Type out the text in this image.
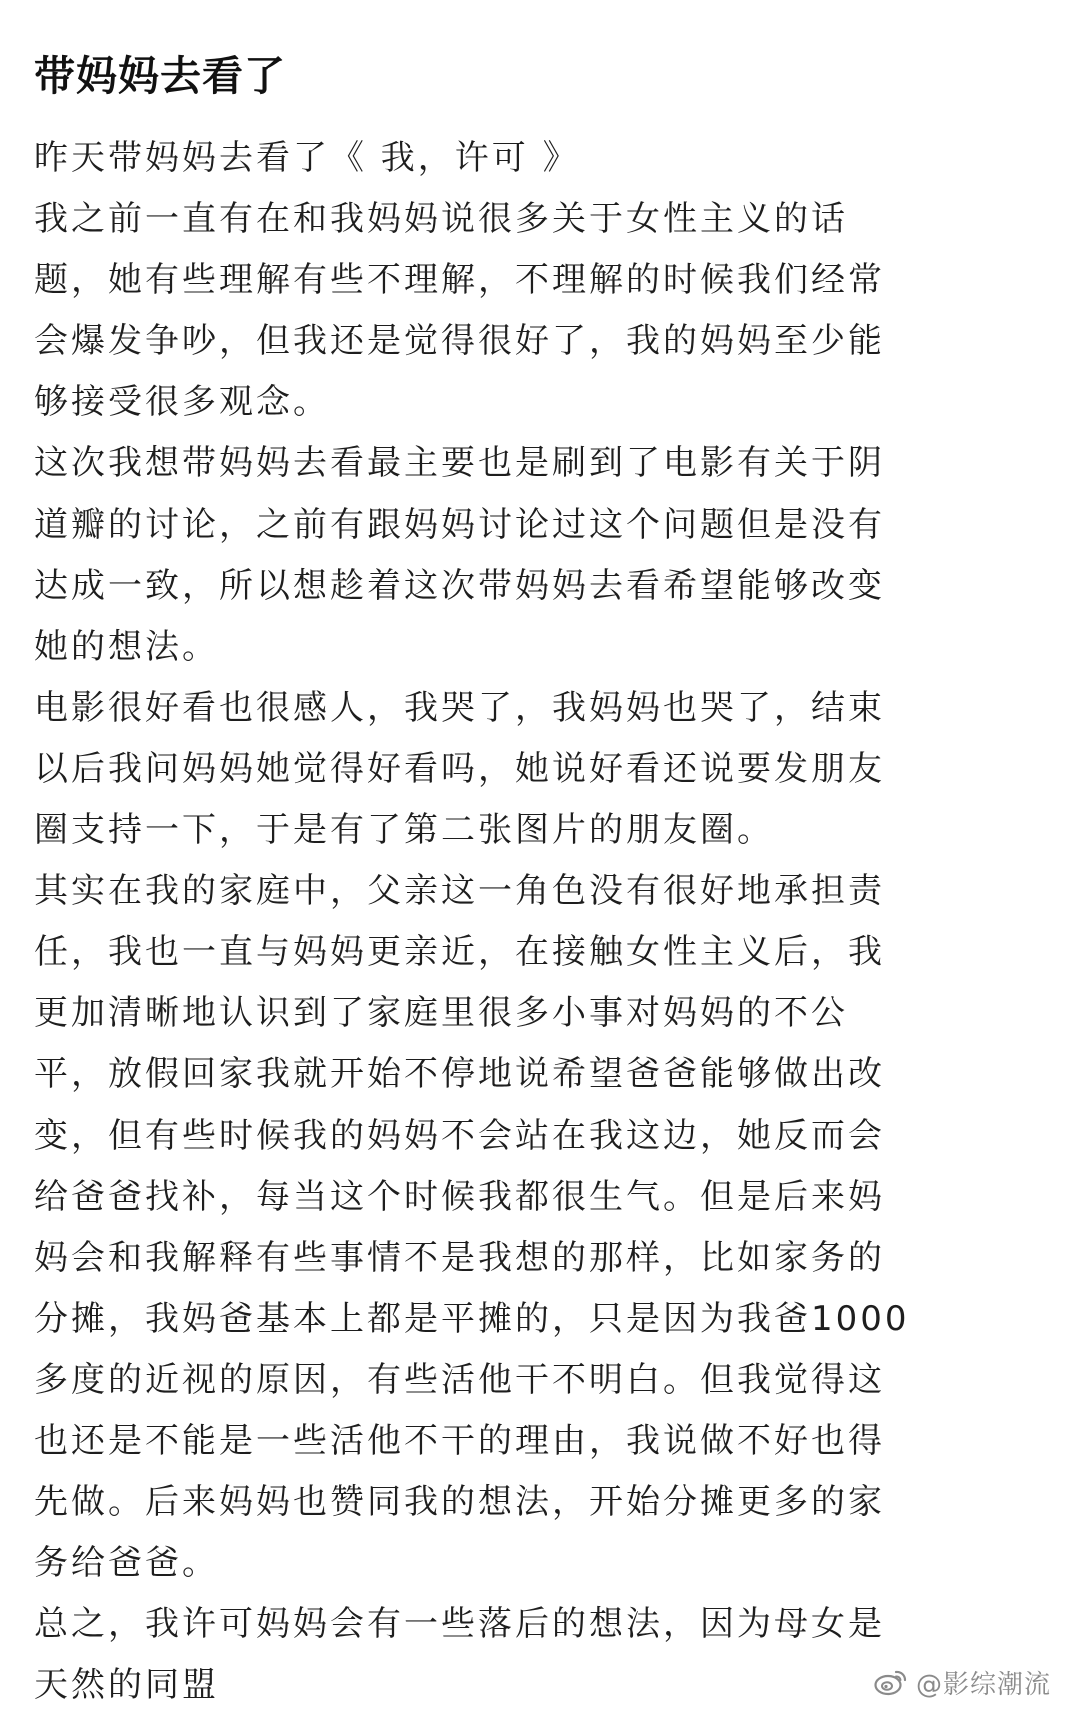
带妈妈去看了
昨天带妈妈去看了《 我，许可 》
我之前一直有在和我妈妈说很多关于女性主义的话
题，她有些理解有些不理解，不理解的时候我们经常
会爆发争吵，但我还是觉得很好了，我的妈妈至少能
够接受很多观念。
这次我想带妈妈去看最主要也是刷到了电影有关于阴
道瓣的讨论，之前有跟妈妈讨论过这个问题但是没有
达成一致，所以想趁着这次带妈妈去看希望能够改变
她的想法。
电影很好看也很感人，我哭了，我妈妈也哭了，结束
以后我问妈妈她觉得好看吗，她说好看还说要发朋友
圈支持一下，于是有了第二张图片的朋友圈。
其实在我的家庭中，父亲这一角色没有很好地承担责
任，我也一直与妈妈更亲近，在接触女性主义后，我
更加清晰地认识到了家庭里很多小事对妈妈的不公
平，放假回家我就开始不停地说希望爸爸能够做出改
变，但有些时候我的妈妈不会站在我这边，她反而会
给爸爸找补，每当这个时候我都很生气。但是后来妈
妈会和我解释有些事情不是我想的那样，比如家务的
分摊，我妈爸基本上都是平摊的，只是因为我爸1000
多度的近视的原因，有些活他干不明白。但我觉得这
也还是不能是一些活他不干的理由，我说做不好也得
先做。后来妈妈也赞同我的想法，开始分摊更多的家
务给爸爸。
总之，我许可妈妈会有一些落后的想法，因为母女是
天然的同盟	@影综潮流
